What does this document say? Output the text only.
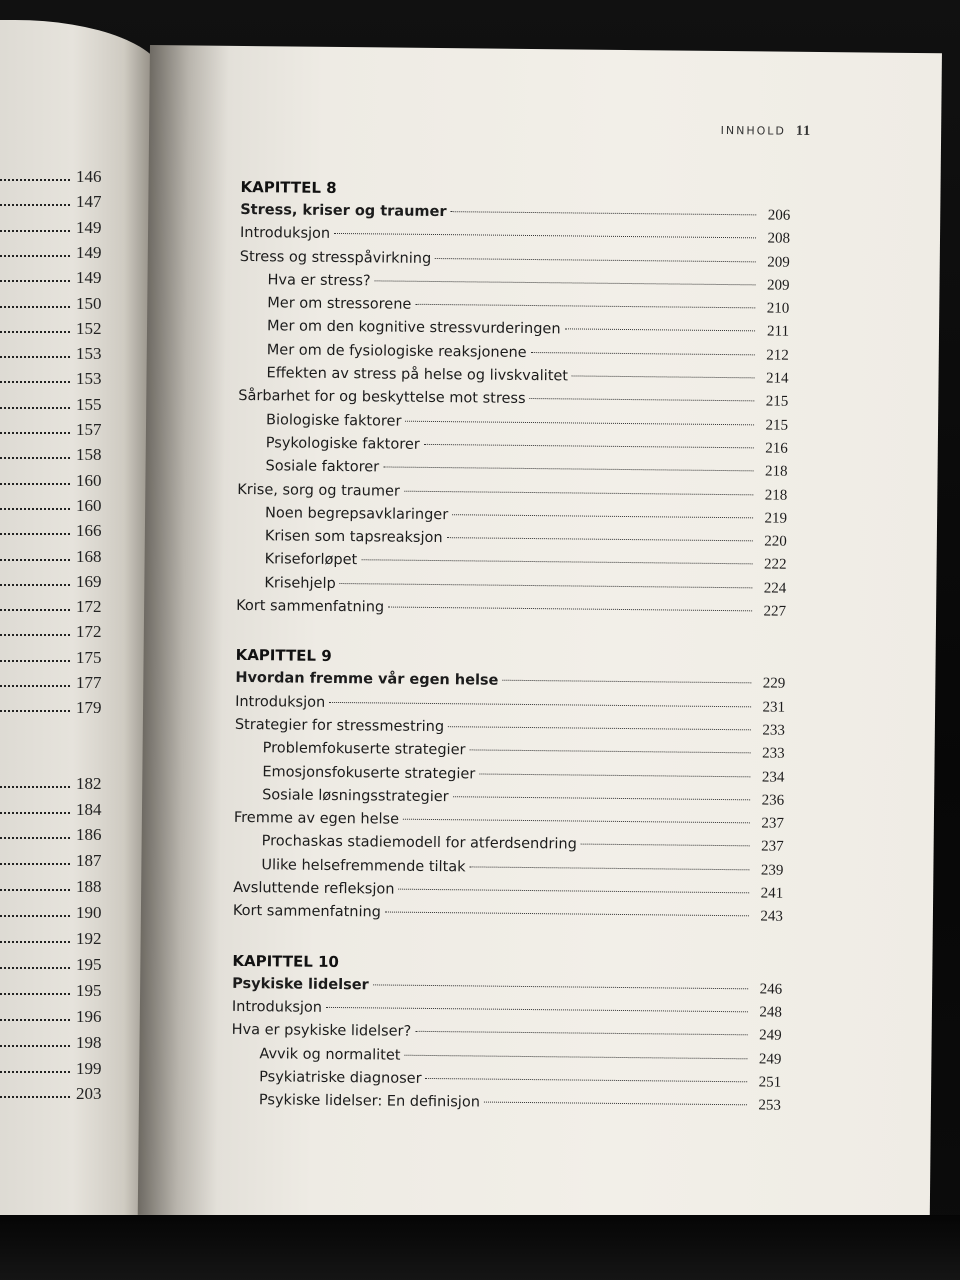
146
147
149
149
149
150
152
153
153
155
157
158
160
160
166
168
169
172
172
175
177
179
182
184
186
187
188
190
192
195
195
196
198
199
203
INNHOLD 11
KAPITTEL 8
Stress, kriser og traumer	206
Introduksjon	208
Stress og stresspåvirkning	209
Hva er stress?	209
Mer om stressorene	210
Mer om den kognitive stressvurderingen	211
Mer om de fysiologiske reaksjonene	212
Effekten av stress på helse og livskvalitet	214
Sårbarhet for og beskyttelse mot stress	215
Biologiske faktorer	215
Psykologiske faktorer	216
Sosiale faktorer	218
Krise, sorg og traumer	218
Noen begrepsavklaringer	219
Krisen som tapsreaksjon	220
Kriseforløpet	222
Krisehjelp	224
Kort sammenfatning	227
KAPITTEL 9
Hvordan fremme vår egen helse	229
Introduksjon	231
Strategier for stressmestring	233
Problemfokuserte strategier	233
Emosjonsfokuserte strategier	234
Sosiale løsningsstrategier	236
Fremme av egen helse	237
Prochaskas stadiemodell for atferdsendring	237
Ulike helsefremmende tiltak	239
Avsluttende refleksjon	241
Kort sammenfatning	243
KAPITTEL 10
Psykiske lidelser	246
Introduksjon	248
Hva er psykiske lidelser?	249
Avvik og normalitet	249
Psykiatriske diagnoser	251
Psykiske lidelser: En definisjon	253
